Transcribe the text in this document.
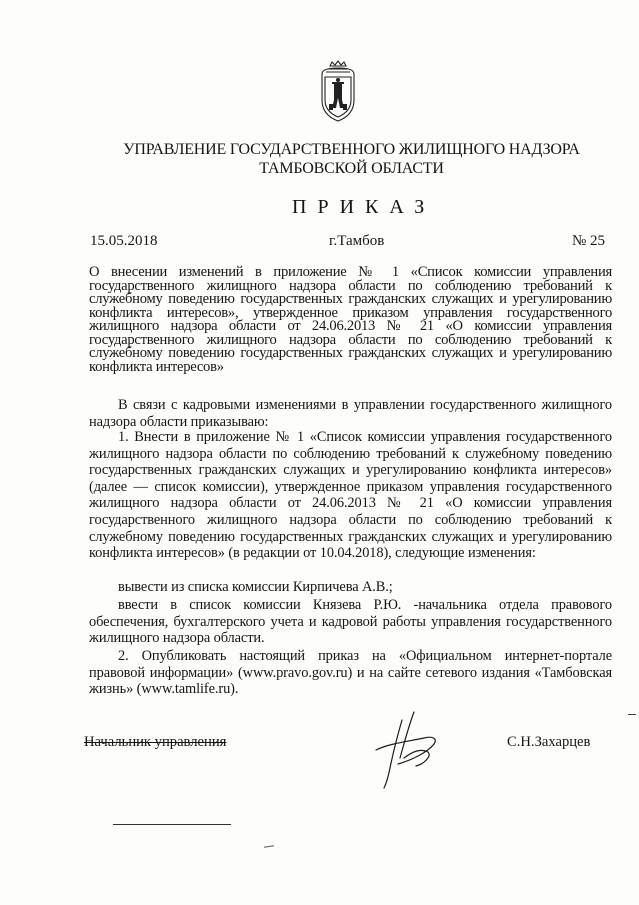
УПРАВЛЕНИЕ ГОСУДАРСТВЕННОГО ЖИЛИЩНОГО НАДЗОРА
ТАМБОВСКОЙ ОБЛАСТИ
ПРИКАЗ
15.05.2018	г.Тамбов	№ 25
О внесении изменений в приложение № 1 «Список комиссии управления государственного жилищного надзора области по соблюдению требований к служебному поведению государственных гражданских служащих и урегулированию конфликта интересов», утвержденное приказом управления государственного жилищного надзора области от 24.06.2013 № 21 «О комиссии управления государственного жилищного надзора области по соблюдению требований к служебному поведению государственных гражданских служащих и урегулированию конфликта интересов»
В связи с кадровыми изменениями в управлении государственного жилищного надзора области приказываю:
1. Внести в приложение № 1 «Список комиссии управления государственного жилищного надзора области по соблюдению требований к служебному поведению государственных гражданских служащих и урегулированию конфликта интересов» (далее — список комиссии), утвержденное приказом управления государственного жилищного надзора области от 24.06.2013 № 21 «О комиссии управления государственного жилищного надзора области по соблюдению требований к служебному поведению государственных гражданских служащих и урегулированию конфликта интересов» (в редакции от 10.04.2018), следующие изменения:
вывести из списка комиссии Кирпичева А.В.;
ввести в список комиссии Князева Р.Ю. -начальника отдела правового обеспечения, бухгалтерского учета и кадровой работы управления государственного жилищного надзора области.
2. Опубликовать настоящий приказ на «Официальном интернет-портале правовой информации» (www.pravo.gov.ru) и на сайте сетевого издания «Тамбовская жизнь» (www.tamlife.ru).
Начальник управления	С.Н.Захарцев
